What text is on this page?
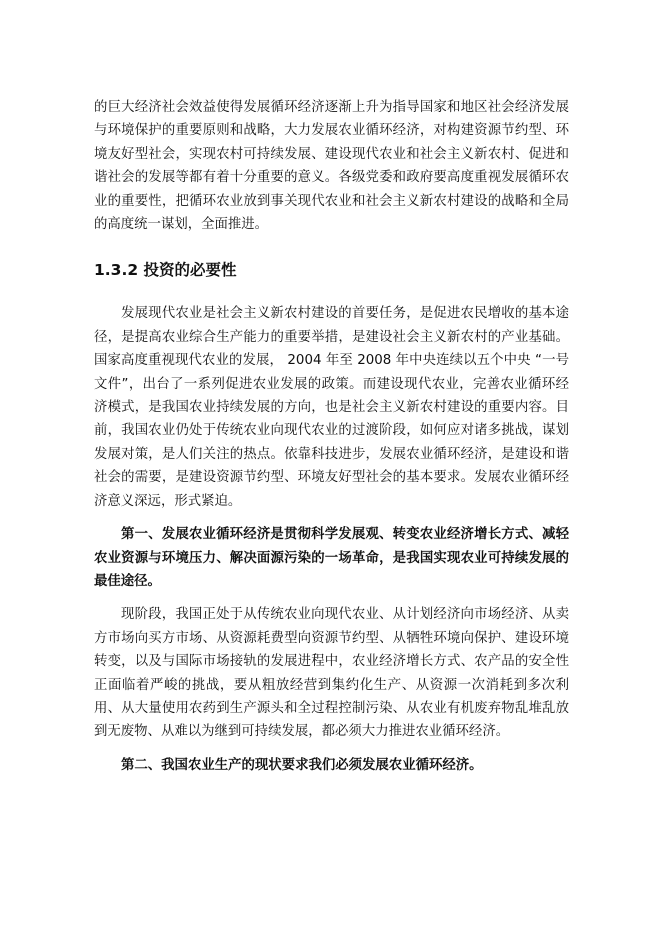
的巨大经济社会效益使得发展循环经济逐渐上升为指导国家和地区社会经济发展与环境保护的重要原则和战略，大力发展农业循环经济，对构建资源节约型、环境友好型社会，实现农村可持续发展、建设现代农业和社会主义新农村、促进和谐社会的发展等都有着十分重要的意义。各级党委和政府要高度重视发展循环农业的重要性，把循环农业放到事关现代农业和社会主义新农村建设的战略和全局的高度统一谋划，全面推进。

1.3.2 投资的必要性

发展现代农业是社会主义新农村建设的首要任务，是促进农民增收的基本途径，是提高农业综合生产能力的重要举措，是建设社会主义新农村的产业基础。国家高度重视现代农业的发展， 2004 年至 2008 年中央连续以五个中央 “一号文件”，出台了一系列促进农业发展的政策。而建设现代农业，完善农业循环经济模式，是我国农业持续发展的方向，也是社会主义新农村建设的重要内容。目前，我国农业仍处于传统农业向现代农业的过渡阶段，如何应对诸多挑战，谋划发展对策，是人们关注的热点。依靠科技进步，发展农业循环经济，是建设和谐社会的需要，是建设资源节约型、环境友好型社会的基本要求。发展农业循环经济意义深远，形式紧迫。

第一、发展农业循环经济是贯彻科学发展观、转变农业经济增长方式、减轻农业资源与环境压力、解决面源污染的一场革命，是我国实现农业可持续发展的最佳途径。

现阶段，我国正处于从传统农业向现代农业、从计划经济向市场经济、从卖方市场向买方市场、从资源耗费型向资源节约型、从牺牲环境向保护、建设环境转变，以及与国际市场接轨的发展进程中，农业经济增长方式、农产品的安全性正面临着严峻的挑战，要从粗放经营到集约化生产、从资源一次消耗到多次利用、从大量使用农药到生产源头和全过程控制污染、从农业有机废弃物乱堆乱放到无废物、从难以为继到可持续发展，都必须大力推进农业循环经济。

第二、我国农业生产的现状要求我们必须发展农业循环经济。
